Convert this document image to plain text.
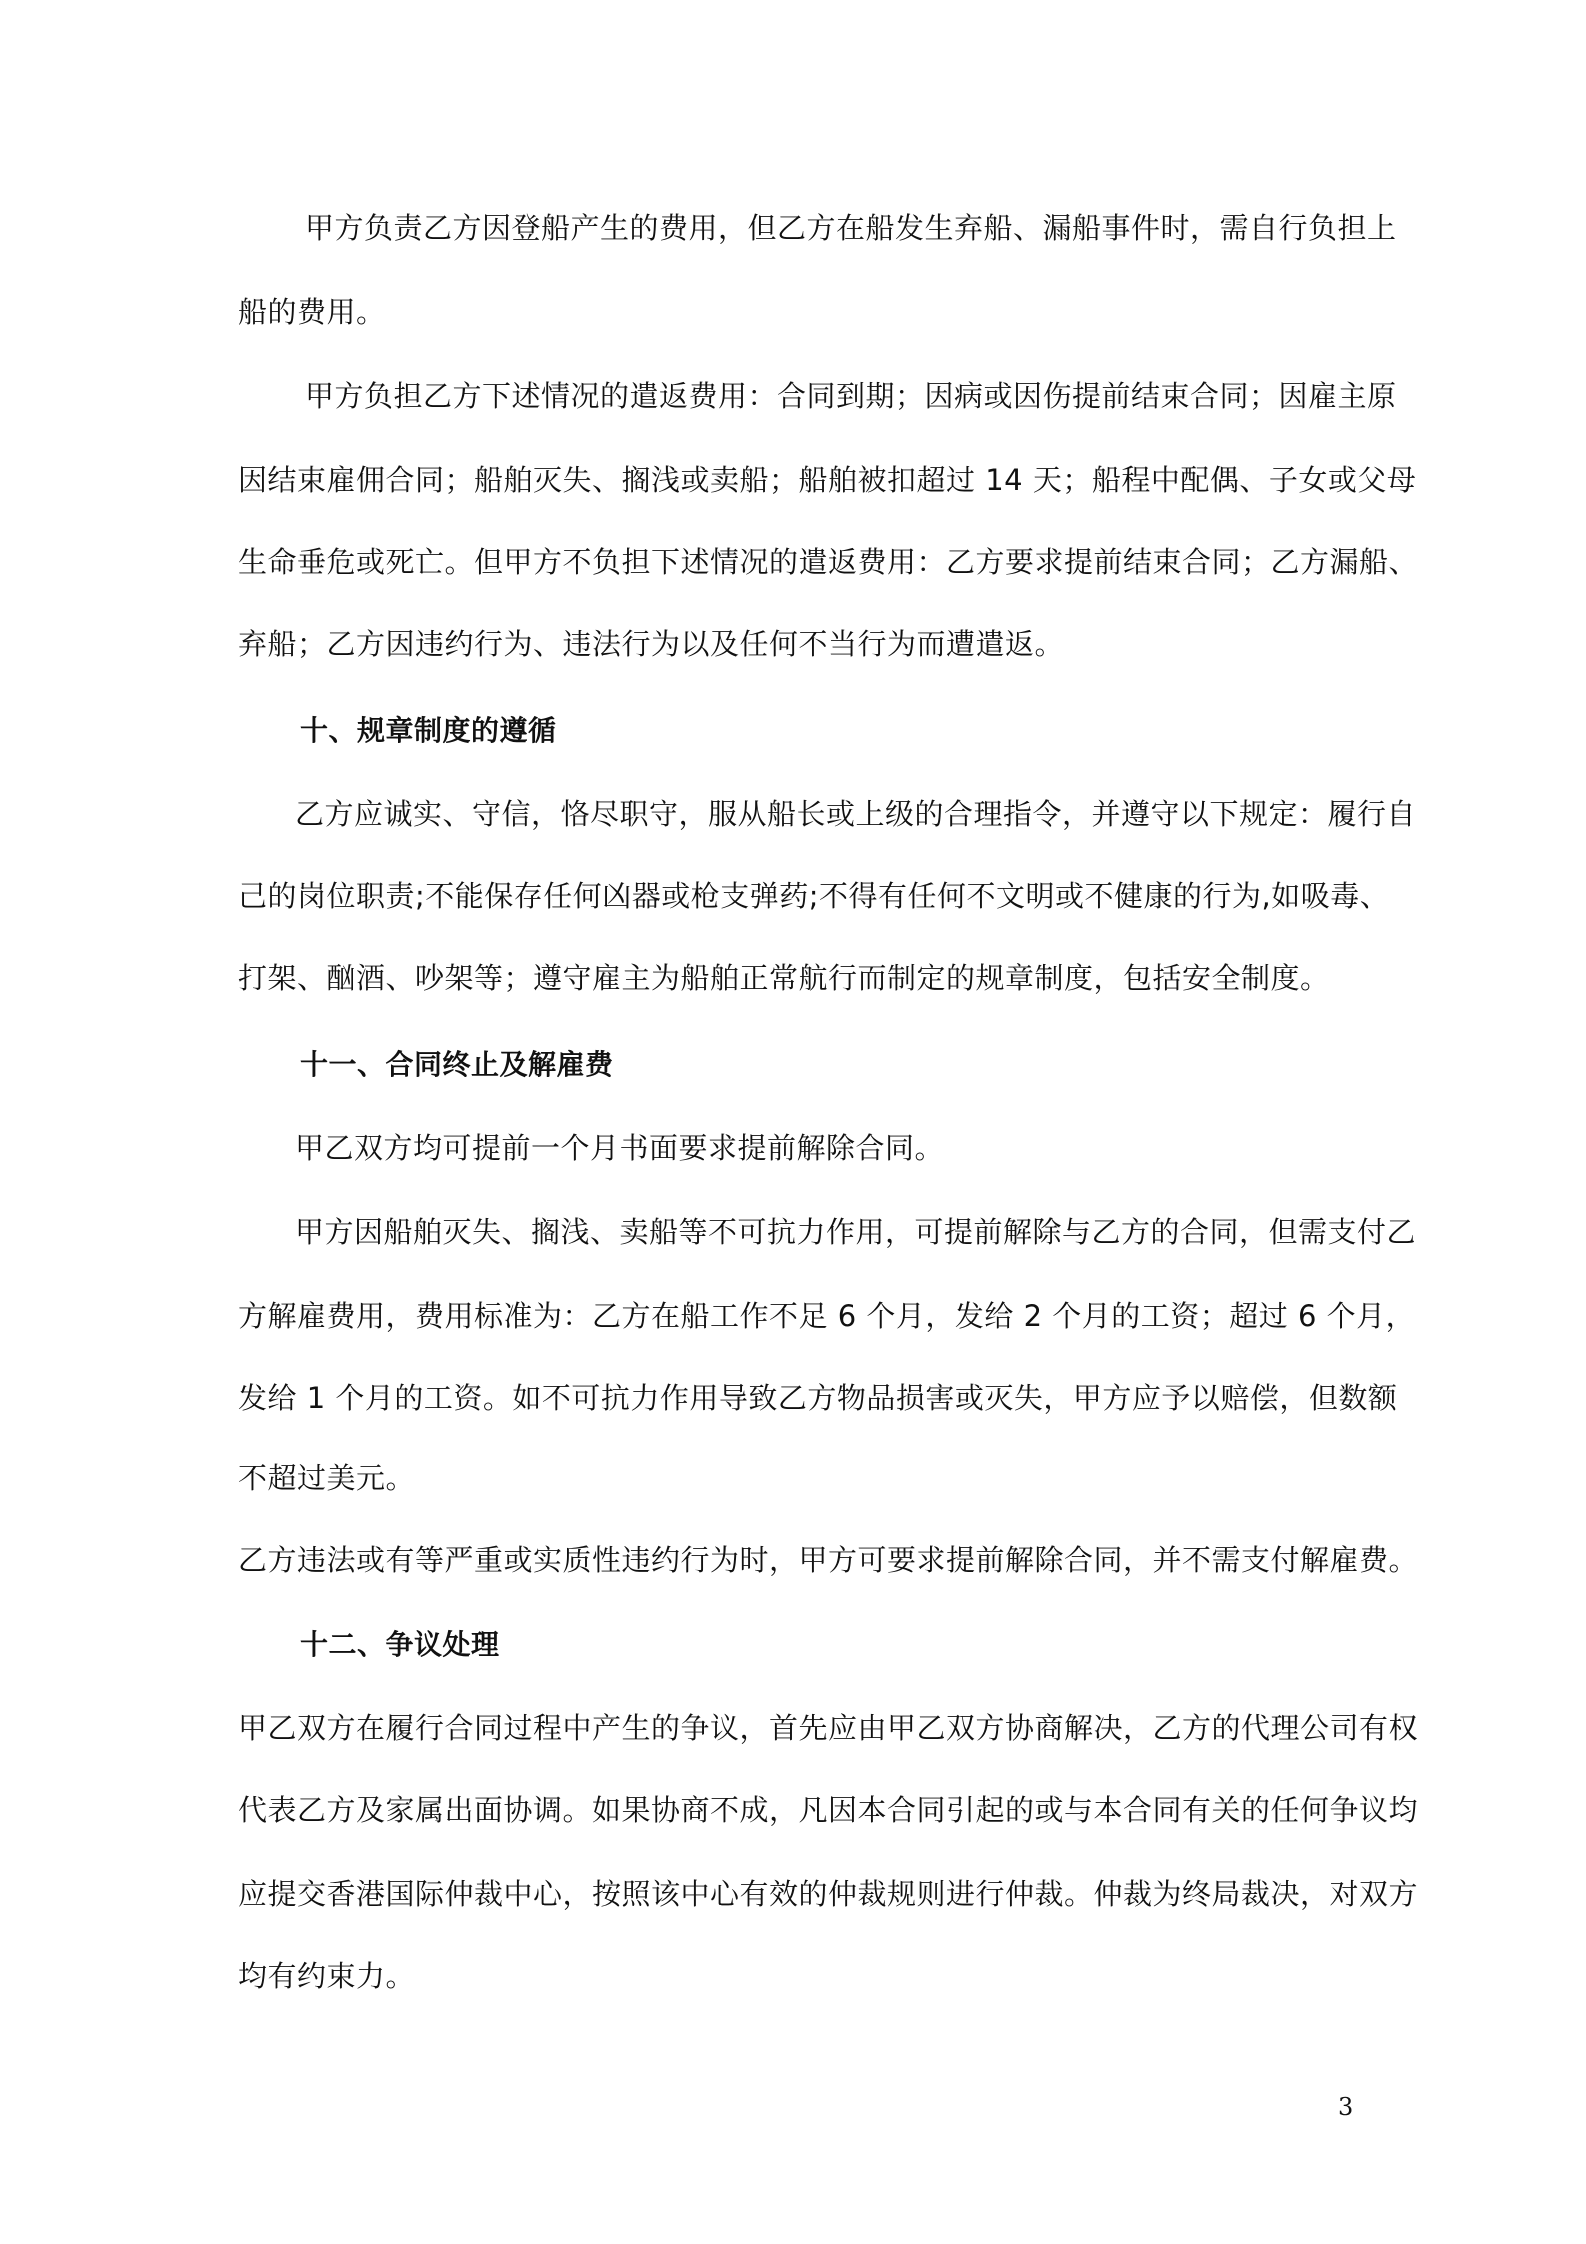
甲方负责乙方因登船产生的费用，但乙方在船发生弃船、漏船事件时，需自行负担上
船的费用。
甲方负担乙方下述情况的遣返费用：合同到期；因病或因伤提前结束合同；因雇主原
因结束雇佣合同；船舶灭失、搁浅或卖船；船舶被扣超过 14 天；船程中配偶、子女或父母
生命垂危或死亡。但甲方不负担下述情况的遣返费用：乙方要求提前结束合同；乙方漏船、
弃船；乙方因违约行为、违法行为以及任何不当行为而遭遣返。
十、规章制度的遵循
乙方应诚实、守信，恪尽职守，服从船长或上级的合理指令，并遵守以下规定：履行自
己的岗位职责;不能保存任何凶器或枪支弹药;不得有任何不文明或不健康的行为,如吸毒、
打架、酗酒、吵架等；遵守雇主为船舶正常航行而制定的规章制度，包括安全制度。
十一、合同终止及解雇费
甲乙双方均可提前一个月书面要求提前解除合同。
甲方因船舶灭失、搁浅、卖船等不可抗力作用，可提前解除与乙方的合同，但需支付乙
方解雇费用，费用标准为：乙方在船工作不足 6 个月，发给 2 个月的工资；超过 6 个月，
发给 1 个月的工资。如不可抗力作用导致乙方物品损害或灭失，甲方应予以赔偿，但数额
不超过美元。
乙方违法或有等严重或实质性违约行为时，甲方可要求提前解除合同，并不需支付解雇费。
十二、争议处理
甲乙双方在履行合同过程中产生的争议，首先应由甲乙双方协商解决，乙方的代理公司有权
代表乙方及家属出面协调。如果协商不成，凡因本合同引起的或与本合同有关的任何争议均
应提交香港国际仲裁中心，按照该中心有效的仲裁规则进行仲裁。仲裁为终局裁决，对双方
均有约束力。
3
